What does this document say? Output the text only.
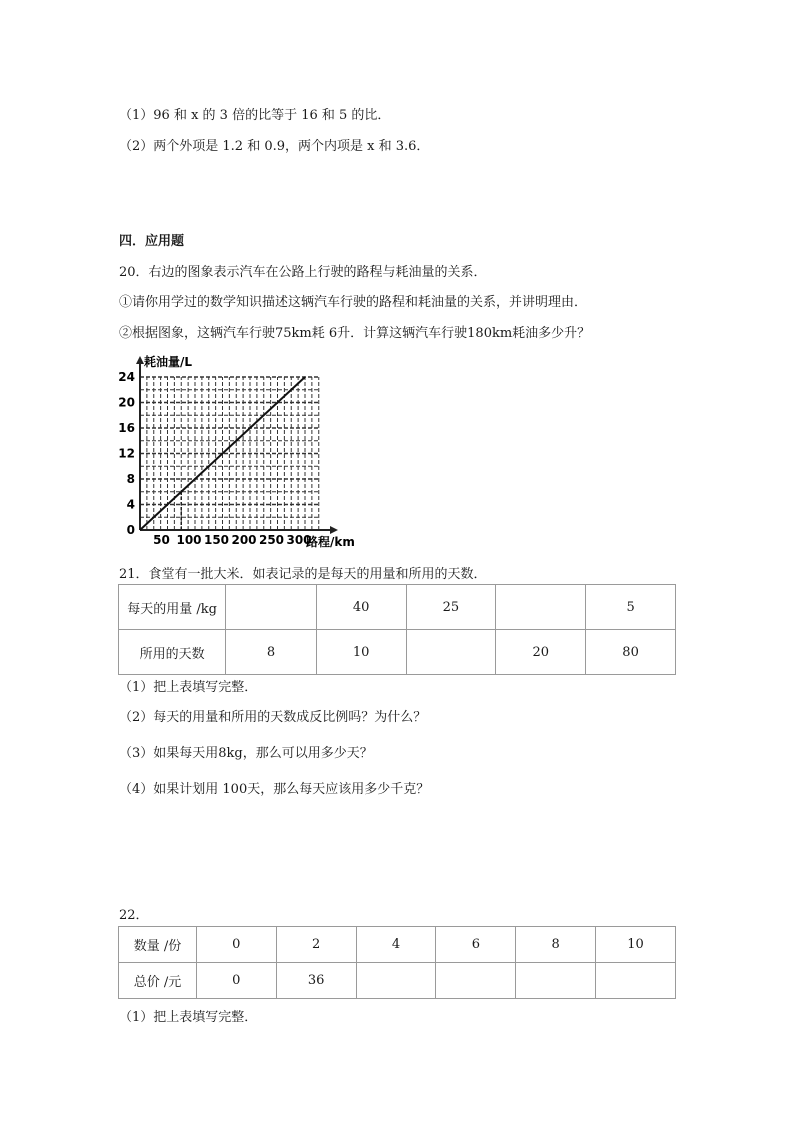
（1）96 和 x 的 3 倍的比等于 16 和 5 的比．
（2）两个外项是 1.2 和 0.9，两个内项是 x 和 3.6．
四．应用题
20．右边的图象表示汽车在公路上行驶的路程与耗油量的关系．
①请你用学过的数学知识描述这辆汽车行驶的路程和耗油量的关系，并讲明理由．
②根据图象，这辆汽车行驶75km耗 6升．计算这辆汽车行驶180km耗油多少升？
0
4
8
12
16
20
24
50 100 150 200 250 300
耗油量/L
路程/km
21．食堂有一批大米．如表记录的是每天的用量和所用的天数．
每天的用量 /kg		40	25		5
所用的天数	8	10		20	80
（1）把上表填写完整．
（2）每天的用量和所用的天数成反比例吗？为什么？
（3）如果每天用8kg，那么可以用多少天？
（4）如果计划用 100天，那么每天应该用多少千克？
22．
数量 /份	0	2	4	6	8	10
总价 /元	0	36				
（1）把上表填写完整．
